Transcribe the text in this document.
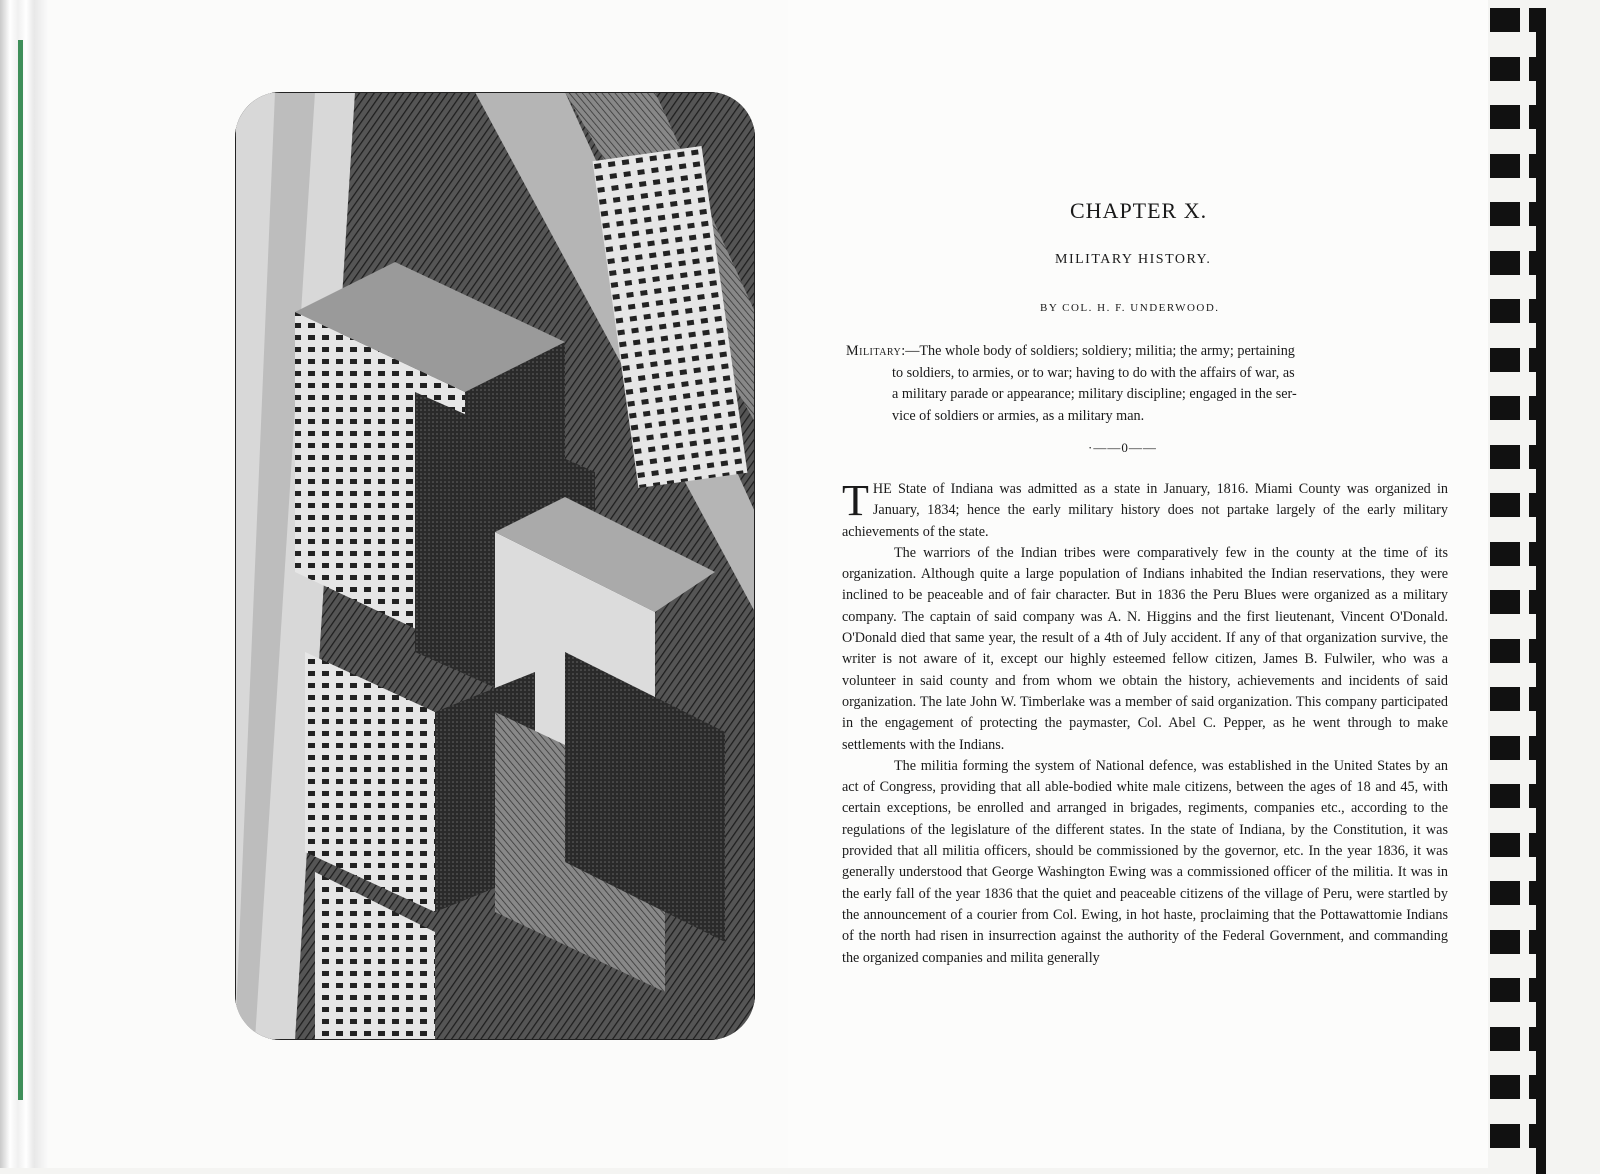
CHAPTER X.
MILITARY HISTORY.
BY COL. H. F. UNDERWOOD.
Military:—The whole body of soldiers; soldiery; militia; the army; pertaining
to soldiers, to armies, or to war; having to do with the affairs of war, as
a military parade or appearance; military discipline; engaged in the ser-
vice of soldiers or armies, as a military man.
·——0——

THE State of Indiana was admitted as a state in January, 1816. Miami County was organized in January, 1834; hence the early military history does not partake largely of the early military achievements of the state.

The warriors of the Indian tribes were comparatively few in the county at the time of its organization. Although quite a large population of Indians inhabited the Indian reservations, they were inclined to be peaceable and of fair character. But in 1836 the Peru Blues were organized as a military company. The captain of said company was A. N. Higgins and the first lieutenant, Vincent O'Donald. O'Donald died that same year, the result of a 4th of July accident. If any of that organization survive, the writer is not aware of it, except our highly esteemed fellow citizen, James B. Fulwiler, who was a volunteer in said county and from whom we obtain the history, achievements and incidents of said organization. The late John W. Timberlake was a member of said organization. This company participated in the engagement of protecting the paymaster, Col. Abel C. Pepper, as he went through to make settlements with the Indians.

The militia forming the system of National defence, was established in the United States by an act of Congress, providing that all able-bodied white male citizens, between the ages of 18 and 45, with certain exceptions, be enrolled and arranged in brigades, regiments, companies etc., according to the regulations of the legislature of the different states. In the state of Indiana, by the Constitution, it was provided that all militia officers, should be commissioned by the governor, etc. In the year 1836, it was generally understood that George Washington Ewing was a commissioned officer of the militia. It was in the early fall of the year 1836 that the quiet and peaceable citizens of the village of Peru, were startled by the announcement of a courier from Col. Ewing, in hot haste, proclaiming that the Pottawattomie Indians of the north had risen in insurrection against the authority of the Federal Government, and commanding the organized companies and milita generally
